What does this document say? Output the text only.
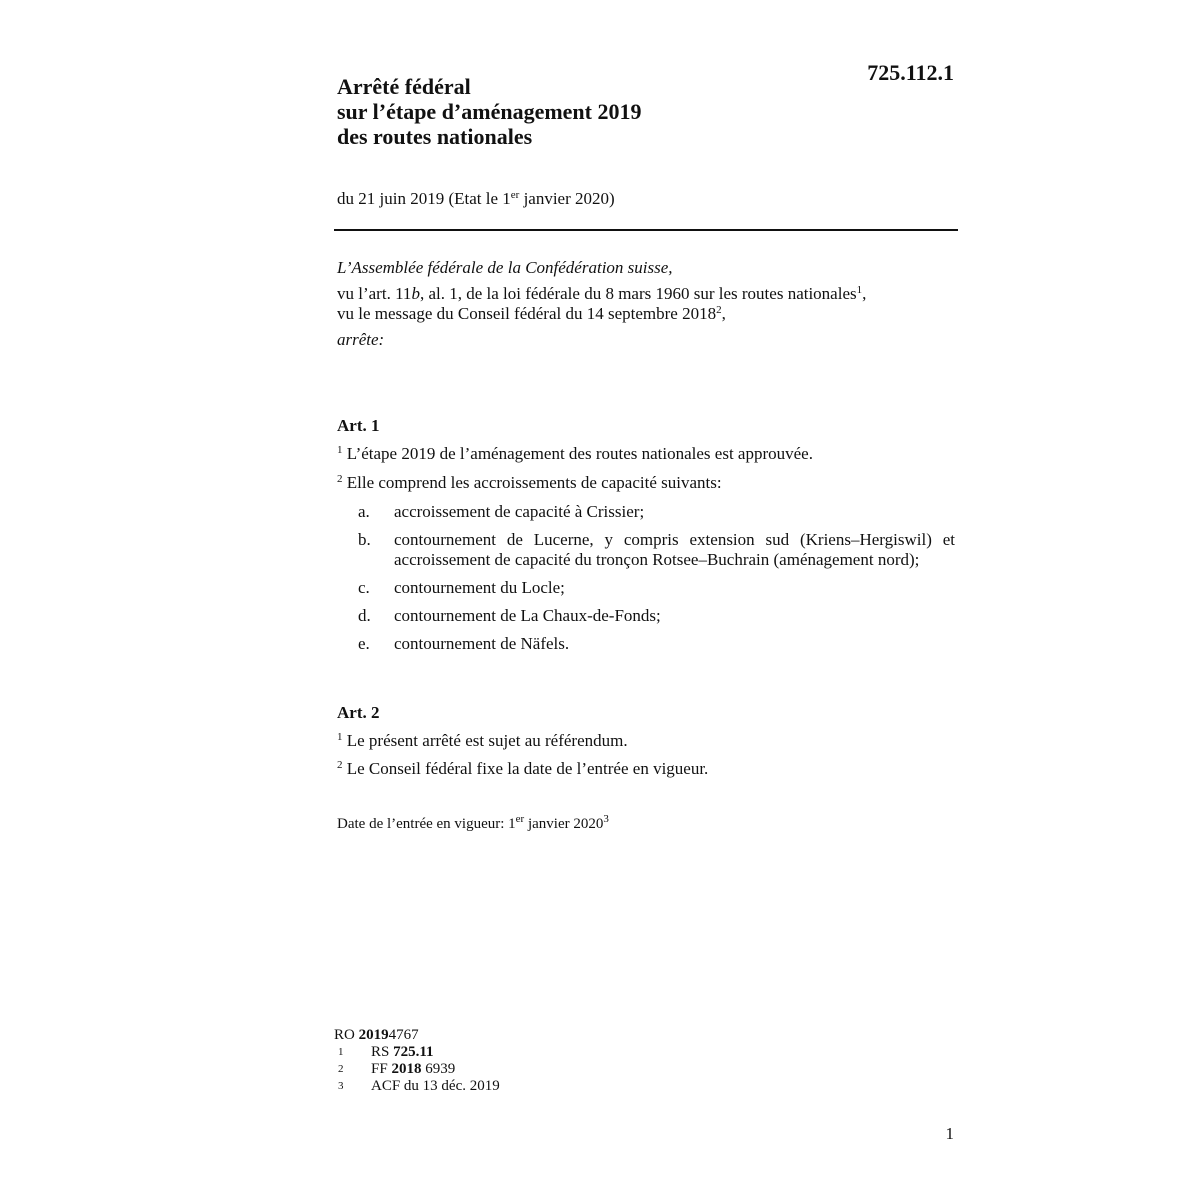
725.112.1
Arrêté fédéral
sur l’étape d’aménagement 2019
des routes nationales
du 21 juin 2019 (Etat le 1er janvier 2020)
L’Assemblée fédérale de la Confédération suisse,
vu l’art. 11b, al. 1, de la loi fédérale du 8 mars 1960 sur les routes nationales$^1$,
vu le message du Conseil fédéral du 14 septembre 2018$^2$,
arrête:
Art. 1
$^1$ L’étape 2019 de l’aménagement des routes nationales est approuvée.
$^2$ Elle comprend les accroissements de capacité suivants:
a.	accroissement de capacité à Crissier;
b.	contournement de Lucerne, y compris extension sud (Kriens–Hergiswil) et accroissement de capacité du tronçon Rotsee–Buchrain (aménagement nord);
c.	contournement du Locle;
d.	contournement de La Chaux-de-Fonds;
e.	contournement de Näfels.
Art. 2
$^1$ Le présent arrêté est sujet au référendum.
$^2$ Le Conseil fédéral fixe la date de l’entrée en vigueur.
Date de l’entrée en vigueur: 1er janvier 2020$^3$
RO
2019 4767
1	RS 725.11
2	FF 2018 6939
3	ACF du 13 déc. 2019
1
